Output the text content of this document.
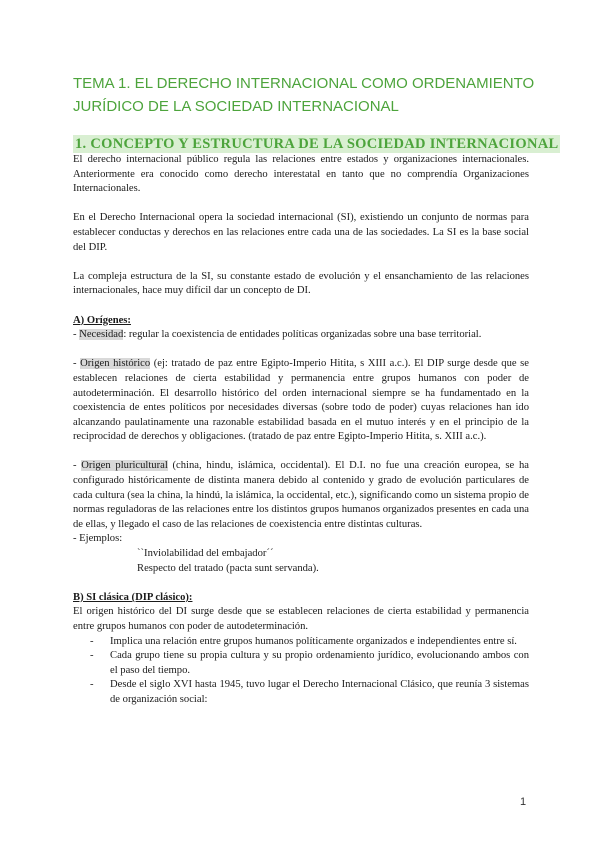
TEMA 1. EL DERECHO INTERNACIONAL COMO ORDENAMIENTO JURÍDICO DE LA SOCIEDAD INTERNACIONAL
1. CONCEPTO Y ESTRUCTURA DE LA SOCIEDAD INTERNACIONAL

El derecho internacional público regula las relaciones entre estados y organizaciones internacionales. Anteriormente era conocido como derecho interestatal en tanto que no comprendía Organizaciones Internacionales.

En el Derecho Internacional opera la sociedad internacional (SI), existiendo un conjunto de normas para establecer conductas y derechos en las relaciones entre cada una de las sociedades. La SI es la base social del DIP.

La compleja estructura de la SI, su constante estado de evolución y el ensanchamiento de las relaciones internacionales, hace muy difícil dar un concepto de DI.

A) Orígenes:

- Necesidad: regular la coexistencia de entidades políticas organizadas sobre una base territorial.

- Origen histórico (ej: tratado de paz entre Egipto-Imperio Hitita, s XIII a.c.). El DIP surge desde que se establecen relaciones de cierta estabilidad y permanencia entre grupos humanos con poder de autodeterminación. El desarrollo histórico del orden internacional siempre se ha fundamentado en la coexistencia de entes políticos por necesidades diversas (sobre todo de poder) cuyas relaciones han ido alcanzando paulatinamente una razonable estabilidad basada en el mutuo interés y en el principio de la reciprocidad de derechos y obligaciones. (tratado de paz entre Egipto-Imperio Hitita, s. XIII a.c.).

- Origen pluricultural (china, hindu, islámica, occidental). El D.I. no fue una creación europea, se ha configurado históricamente de distinta manera debido al contenido y grado de evolución particulares de cada cultura (sea la china, la hindú, la islámica, la occidental, etc.), significando como un sistema propio de normas reguladoras de las relaciones entre los distintos grupos humanos organizados presentes en cada una de ellas, y llegado el caso de las relaciones de coexistencia entre distintas culturas.

- Ejemplos:

``Inviolabilidad del embajador´´

Respecto del tratado (pacta sunt servanda).

B) SI clásica (DIP clásico):

El origen histórico del DI surge desde que se establecen relaciones de cierta estabilidad y permanencia entre grupos humanos con poder de autodeterminación.

- Implica una relación entre grupos humanos políticamente organizados e independientes entre sí.
- Cada grupo tiene su propia cultura y su propio ordenamiento jurídico, evolucionando ambos con el paso del tiempo.
- Desde el siglo XVI hasta 1945, tuvo lugar el Derecho Internacional Clásico, que reunía 3 sistemas de organización social:
1
